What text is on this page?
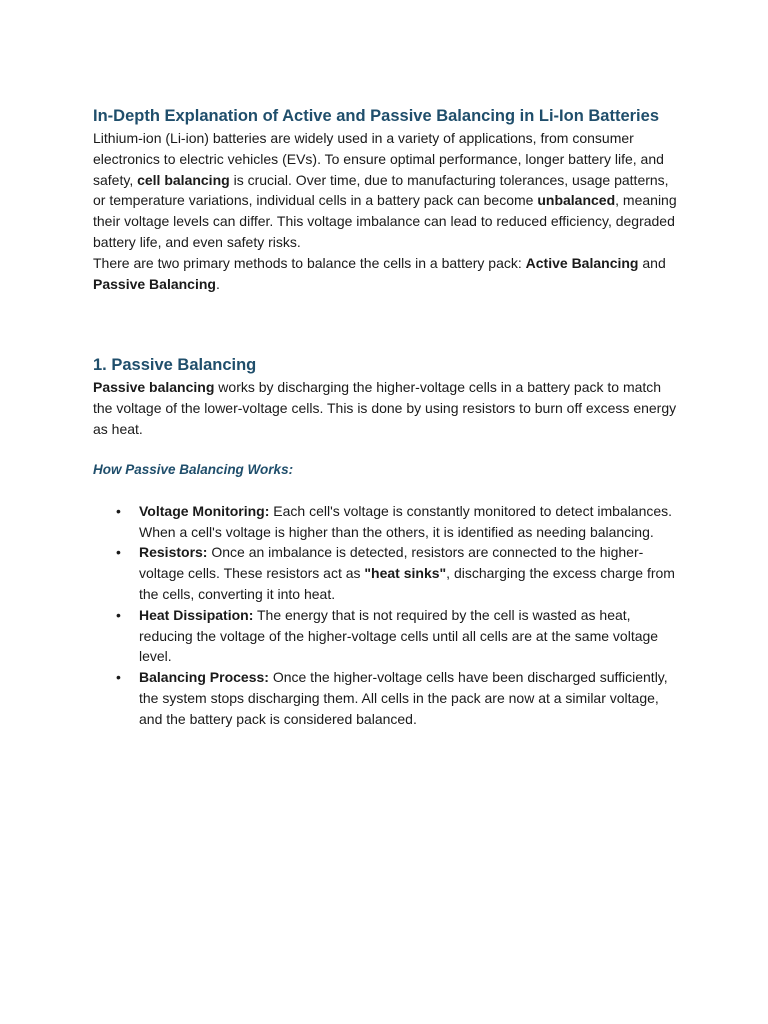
In-Depth Explanation of Active and Passive Balancing in Li-Ion Batteries

Lithium-ion (Li-ion) batteries are widely used in a variety of applications, from consumer electronics to electric vehicles (EVs). To ensure optimal performance, longer battery life, and safety, cell balancing is crucial. Over time, due to manufacturing tolerances, usage patterns, or temperature variations, individual cells in a battery pack can become unbalanced, meaning their voltage levels can differ. This voltage imbalance can lead to reduced efficiency, degraded battery life, and even safety risks.

There are two primary methods to balance the cells in a battery pack: Active Balancing and Passive Balancing.

1. Passive Balancing

Passive balancing works by discharging the higher-voltage cells in a battery pack to match the voltage of the lower-voltage cells. This is done by using resistors to burn off excess energy as heat.

How Passive Balancing Works:
• Voltage Monitoring: Each cell's voltage is constantly monitored to detect imbalances. When a cell's voltage is higher than the others, it is identified as needing balancing.
• Resistors: Once an imbalance is detected, resistors are connected to the higher-voltage cells. These resistors act as "heat sinks", discharging the excess charge from the cells, converting it into heat.
• Heat Dissipation: The energy that is not required by the cell is wasted as heat, reducing the voltage of the higher-voltage cells until all cells are at the same voltage level.
• Balancing Process: Once the higher-voltage cells have been discharged sufficiently, the system stops discharging them. All cells in the pack are now at a similar voltage, and the battery pack is considered balanced.
